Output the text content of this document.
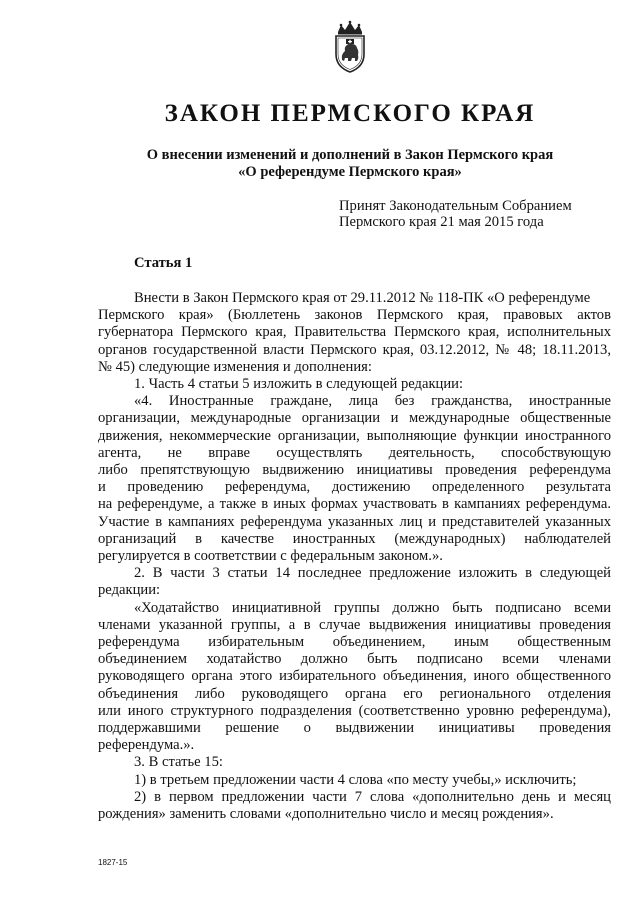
ЗАКОН ПЕРМСКОГО КРАЯ
О внесении изменений и дополнений в Закон Пермского края
«О референдуме Пермского края»
Принят Законодательным Собранием
Пермского края 21 мая 2015 года
Статья 1
Внести в Закон Пермского края от 29.11.2012 № 118-ПК «О референдуме
Пермского края» (Бюллетень законов Пермского края, правовых актов
губернатора Пермского края, Правительства Пермского края, исполнительных
органов государственной власти Пермского края, 03.12.2012, № 48; 18.11.2013,
№ 45) следующие изменения и дополнения:
1. Часть 4 статьи 5 изложить в следующей редакции:
«4. Иностранные граждане, лица без гражданства, иностранные
организации, международные организации и международные общественные
движения, некоммерческие организации, выполняющие функции иностранного
агента, не вправе осуществлять деятельность, способствующую
либо препятствующую выдвижению инициативы проведения референдума
и проведению референдума, достижению определенного результата
на референдуме, а также в иных формах участвовать в кампаниях референдума.
Участие в кампаниях референдума указанных лиц и представителей указанных
организаций в качестве иностранных (международных) наблюдателей
регулируется в соответствии с федеральным законом.».
2. В части 3 статьи 14 последнее предложение изложить в следующей
редакции:
«Ходатайство инициативной группы должно быть подписано всеми
членами указанной группы, а в случае выдвижения инициативы проведения
референдума избирательным объединением, иным общественным
объединением ходатайство должно быть подписано всеми членами
руководящего органа этого избирательного объединения, иного общественного
объединения либо руководящего органа его регионального отделения
или иного структурного подразделения (соответственно уровню референдума),
поддержавшими решение о выдвижении инициативы проведения
референдума.».
3. В статье 15:
1) в третьем предложении части 4 слова «по месту учебы,» исключить;
2) в первом предложении части 7 слова «дополнительно день и месяц
рождения» заменить словами «дополнительно число и месяц рождения».
1827-15
